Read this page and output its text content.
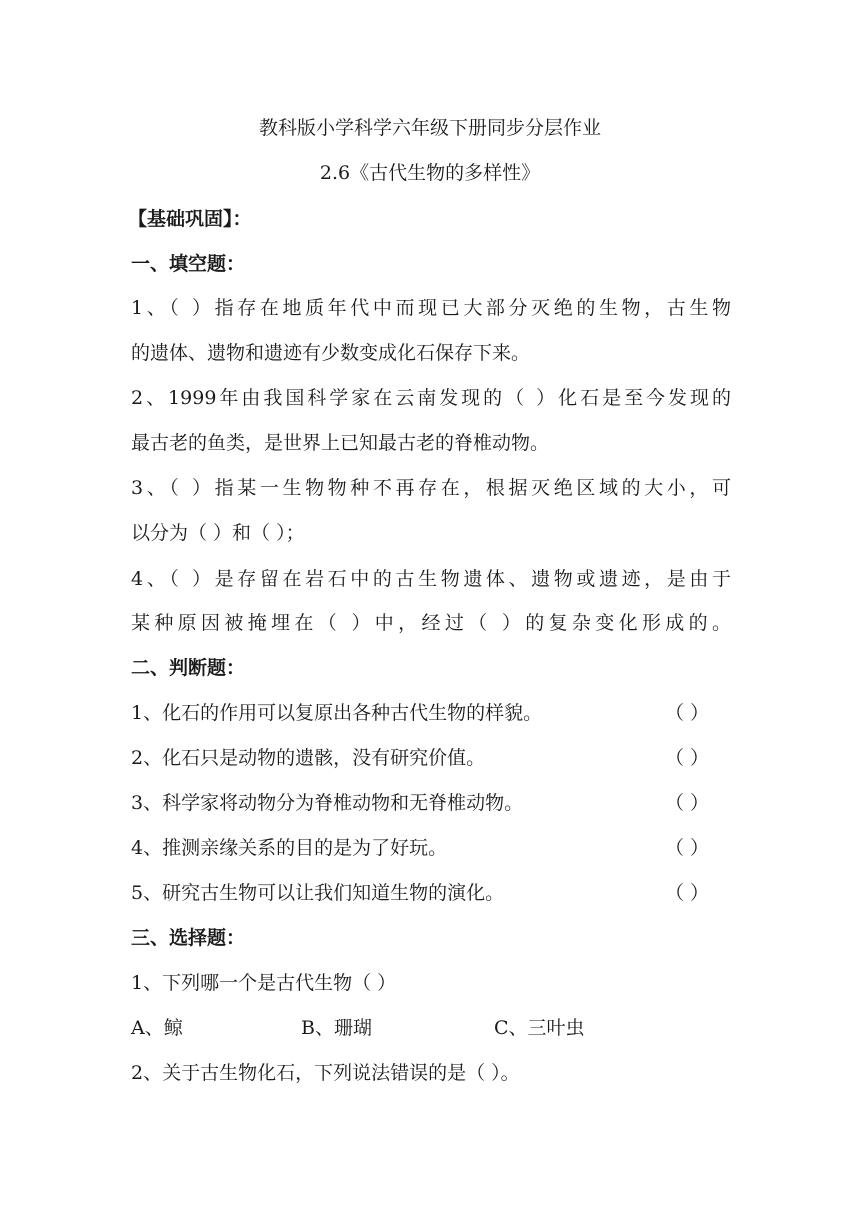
教科版小学科学六年级下册同步分层作业
2.6《古代生物的多样性》
【基础巩固】：
一、填空题：
1、（ ）指存在地质年代中而现已大部分灭绝的生物，古生物
的遗体、遗物和遗迹有少数变成化石保存下来。
2、1999年由我国科学家在云南发现的（ ）化石是至今发现的
最古老的鱼类，是世界上已知最古老的脊椎动物。
3、（ ）指某一生物物种不再存在，根据灭绝区域的大小，可
以分为（ ）和（ ）；
4、（ ）是存留在岩石中的古生物遗体、遗物或遗迹，是由于
某种原因被掩埋在（ ）中，经过（ ）的复杂变化形成的。
二、判断题：
1、化石的作用可以复原出各种古代生物的样貌。	（ ）
2、化石只是动物的遗骸，没有研究价值。	（ ）
3、科学家将动物分为脊椎动物和无脊椎动物。	（ ）
4、推测亲缘关系的目的是为了好玩。	（ ）
5、研究古生物可以让我们知道生物的演化。	（ ）
三、选择题：
1、下列哪一个是古代生物（ ）
A、鲸	B、珊瑚	C、三叶虫
2、关于古生物化石，下列说法错误的是（ ）。
